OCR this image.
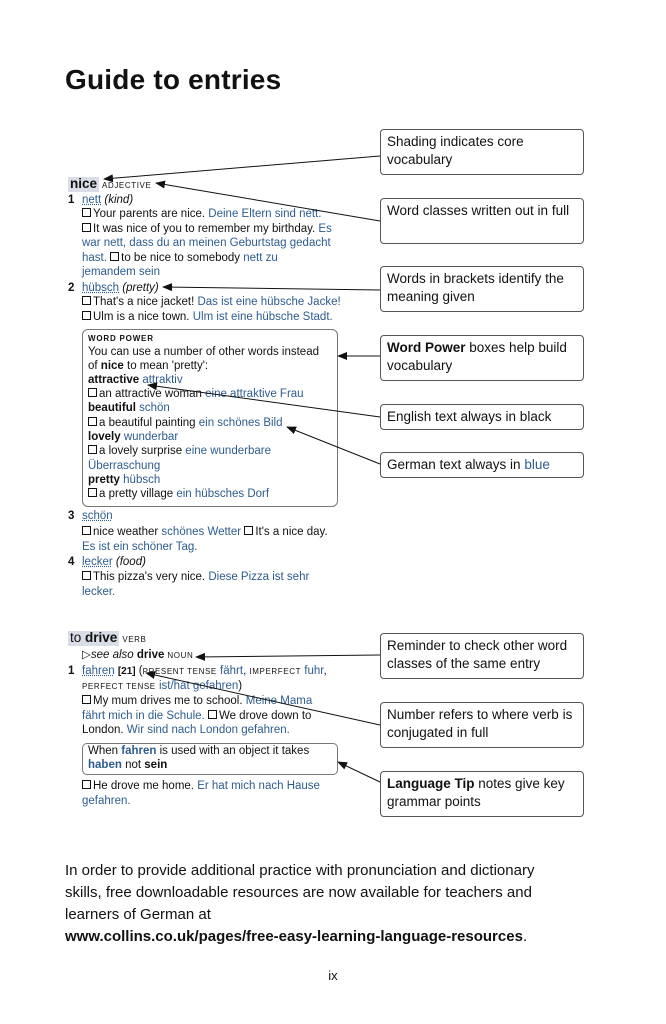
Guide to entries
nice ADJECTIVE
1 nett (kind)
Your parents are nice. Deine Eltern sind nett.
It was nice of you to remember my birthday. Es
war nett, dass du an meinen Geburtstag gedacht
hast. to be nice to somebody nett zu
jemandem sein
2 hübsch (pretty)
That's a nice jacket! Das ist eine hübsche Jacke!
Ulm is a nice town. Ulm ist eine hübsche Stadt.
WORD POWER
You can use a number of other words instead
of nice to mean 'pretty':
attractive attraktiv
an attractive woman eine attraktive Frau
beautiful schön
a beautiful painting ein schönes Bild
lovely wunderbar
a lovely surprise eine wunderbare
Überraschung
pretty hübsch
a pretty village ein hübsches Dorf
3 schön
nice weather schönes Wetter It's a nice day.
Es ist ein schöner Tag.
4 lecker (food)
This pizza's very nice. Diese Pizza ist sehr
lecker.
to drive VERB
▷see also drive NOUN
1 fahren [21] (PRESENT TENSE fährt, IMPERFECT fuhr,
PERFECT TENSE ist/hat gefahren)
My mum drives me to school. Meine Mama
fährt mich in die Schule. We drove down to
London. Wir sind nach London gefahren.
When fahren is used with an object it takes
haben not sein
He drove me home. Er hat mich nach Hause
gefahren.
Shading indicates core vocabulary
Word classes written out in full
Words in brackets identify the meaning given
Word Power boxes help build vocabulary
English text always in black
German text always in blue
Reminder to check other word classes of the same entry
Number refers to where verb is conjugated in full
Language Tip notes give key grammar points
In order to provide additional practice with pronunciation and dictionary
skills, free downloadable resources are now available for teachers and
learners of German at
www.collins.co.uk/pages/free-easy-learning-language-resources.
ix
